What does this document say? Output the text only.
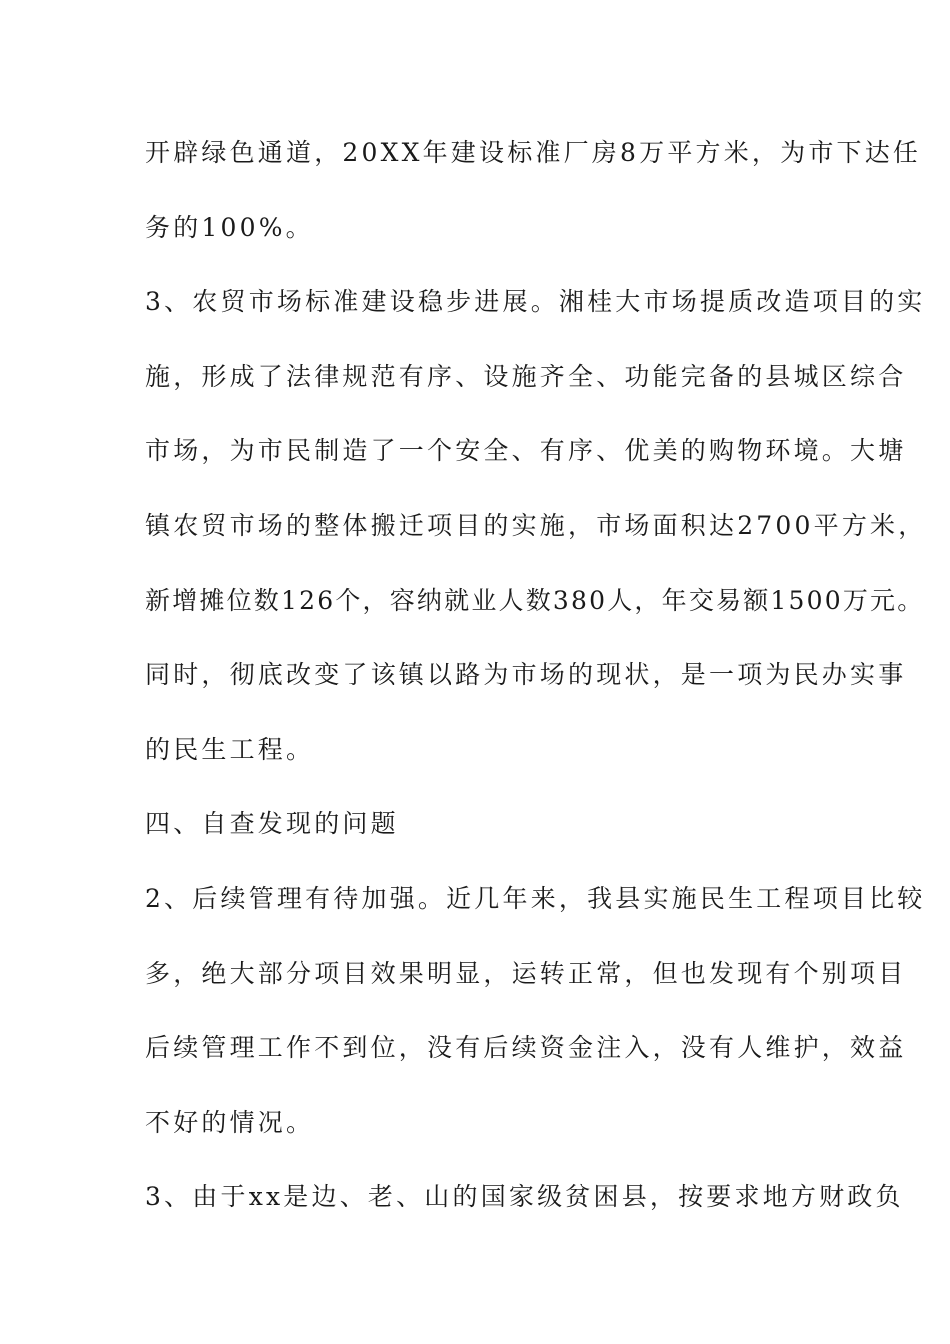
开辟绿色通道，20XX年建设标准厂房8万平方米，为市下达任
务的100%。
3、农贸市场标准建设稳步进展。湘桂大市场提质改造项目的实
施，形成了法律规范有序、设施齐全、功能完备的县城区综合
市场，为市民制造了一个安全、有序、优美的购物环境。大塘
镇农贸市场的整体搬迁项目的实施，市场面积达2700平方米，
新增摊位数126个，容纳就业人数380人，年交易额1500万元。
同时，彻底改变了该镇以路为市场的现状，是一项为民办实事
的民生工程。
四、自查发现的问题
2、后续管理有待加强。近几年来，我县实施民生工程项目比较
多，绝大部分项目效果明显，运转正常，但也发现有个别项目
后续管理工作不到位，没有后续资金注入，没有人维护，效益
不好的情况。
3、由于xx是边、老、山的国家级贫困县，按要求地方财政负
